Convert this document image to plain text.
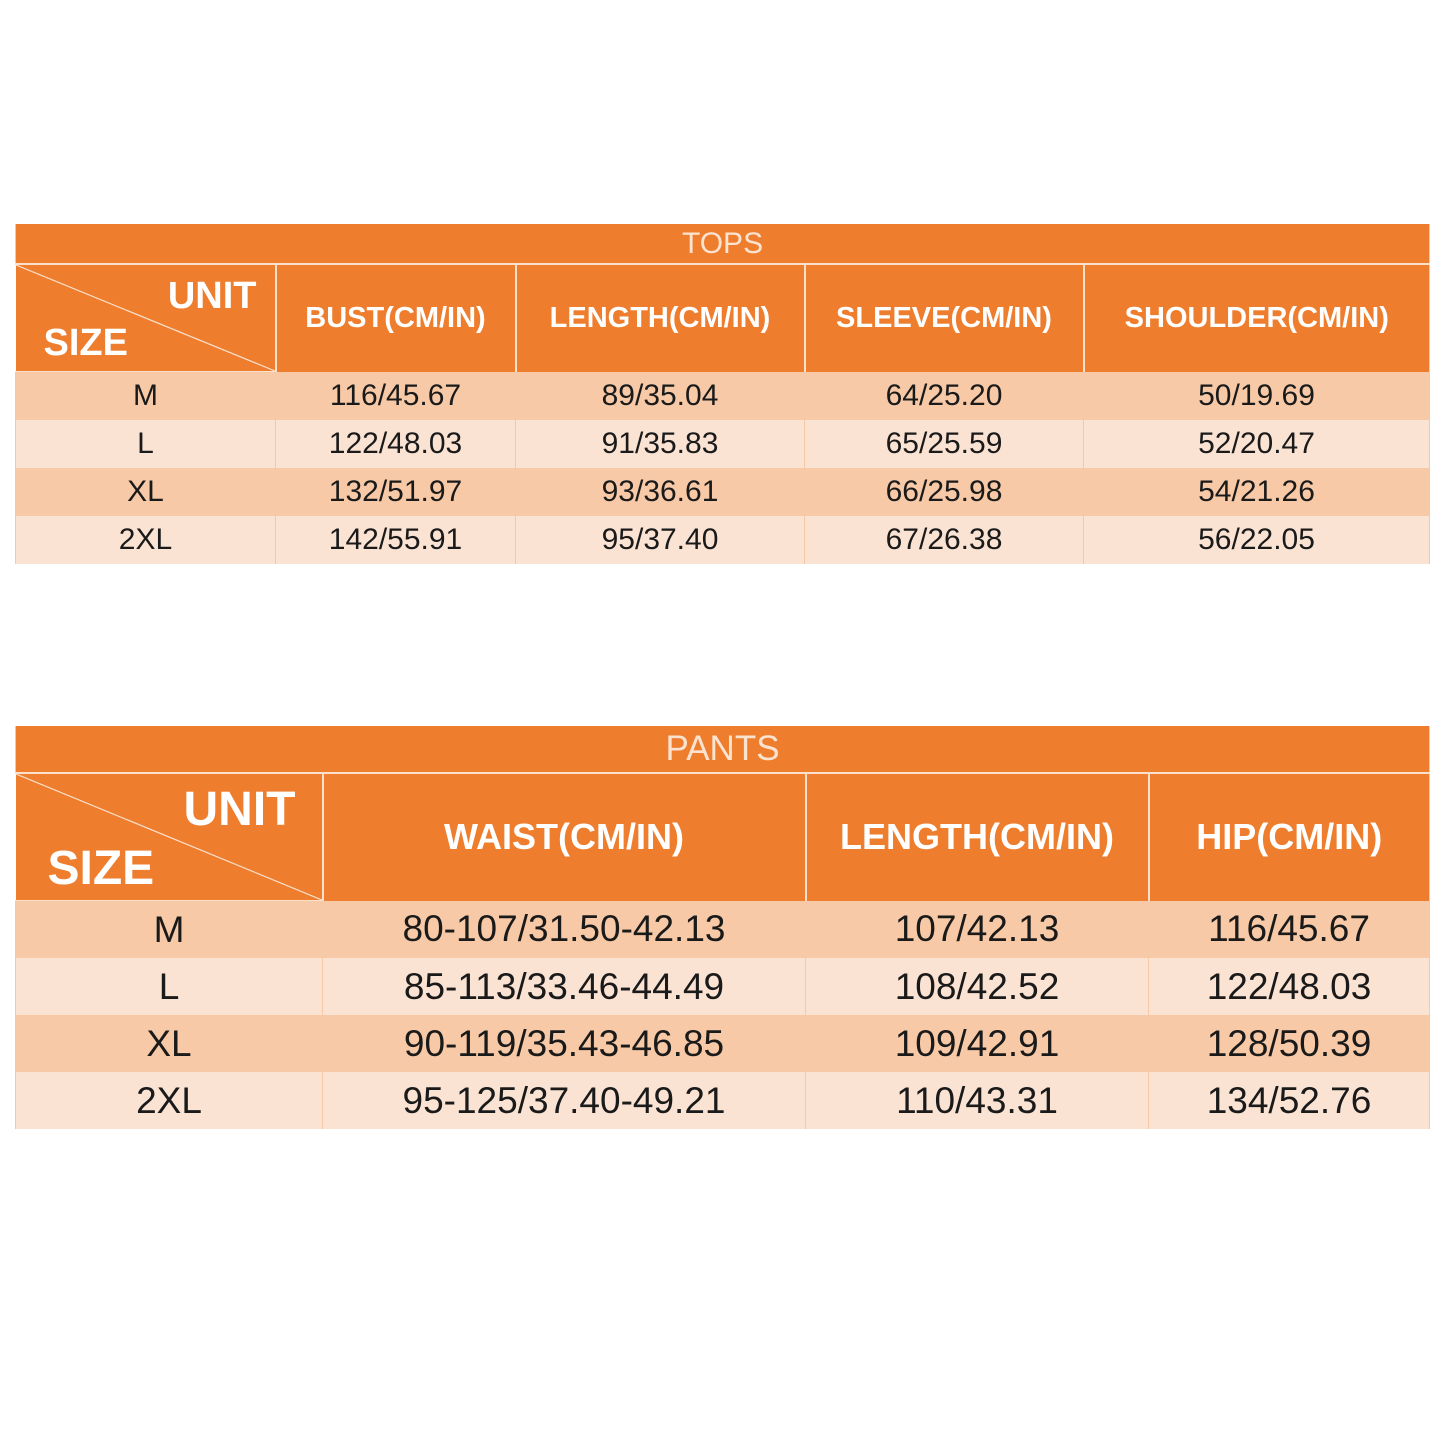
TOPS				

UNIT
SIZE	BUST(CM/IN)	LENGTH(CM/IN)	SLEEVE(CM/IN)	SHOULDER(CM/IN)
M	116/45.67	89/35.04	64/25.20	50/19.69
L	122/48.03	91/35.83	65/25.59	52/20.47
XL	132/51.97	93/36.61	66/25.98	54/21.26
2XL	142/55.91	95/37.40	67/26.38	56/22.05
PANTS			

UNIT
SIZE	WAIST(CM/IN)	LENGTH(CM/IN)	HIP(CM/IN)
M	80-107/31.50-42.13	107/42.13	116/45.67
L	85-113/33.46-44.49	108/42.52	122/48.03
XL	90-119/35.43-46.85	109/42.91	128/50.39
2XL	95-125/37.40-49.21	110/43.31	134/52.76
